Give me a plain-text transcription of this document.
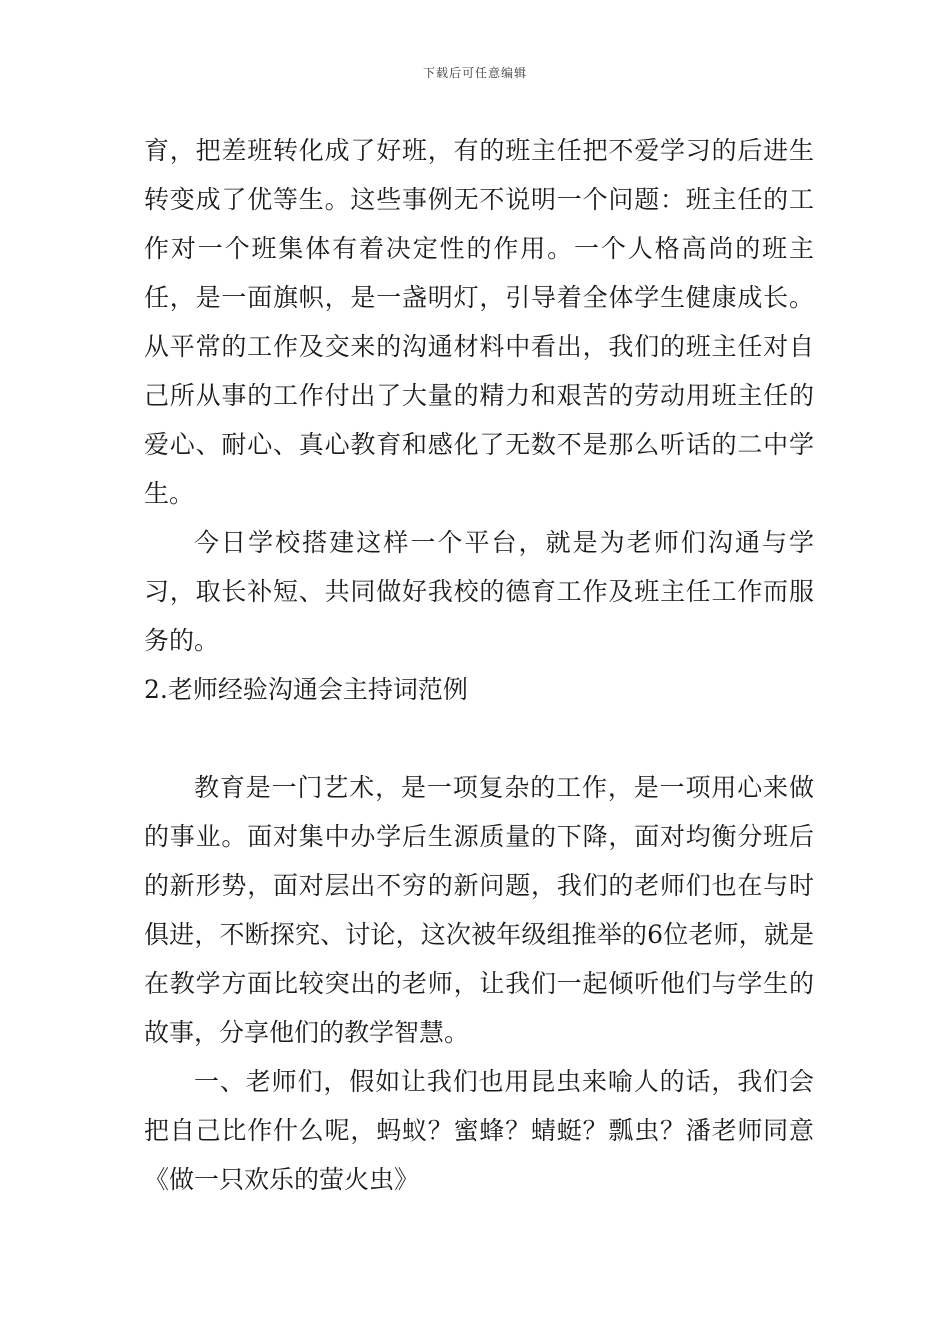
下载后可任意编辑

育，把差班转化成了好班，有的班主任把不爱学习的后进生转变成了优等生。这些事例无不说明一个问题：班主任的工作对一个班集体有着决定性的作用。一个人格高尚的班主任，是一面旗帜，是一盏明灯，引导着全体学生健康成长。从平常的工作及交来的沟通材料中看出，我们的班主任对自己所从事的工作付出了大量的精力和艰苦的劳动用班主任的爱心、耐心、真心教育和感化了无数不是那么听话的二中学生。

今日学校搭建这样一个平台，就是为老师们沟通与学习，取长补短、共同做好我校的德育工作及班主任工作而服务的。

2.老师经验沟通会主持词范例

教育是一门艺术，是一项复杂的工作，是一项用心来做的事业。面对集中办学后生源质量的下降，面对均衡分班后的新形势，面对层出不穷的新问题，我们的老师们也在与时俱进，不断探究、讨论，这次被年级组推举的6位老师，就是在教学方面比较突出的老师，让我们一起倾听他们与学生的故事，分享他们的教学智慧。

一、老师们，假如让我们也用昆虫来喻人的话，我们会把自己比作什么呢，蚂蚁？蜜蜂？蜻蜓？瓢虫？潘老师同意《做一只欢乐的萤火虫》
